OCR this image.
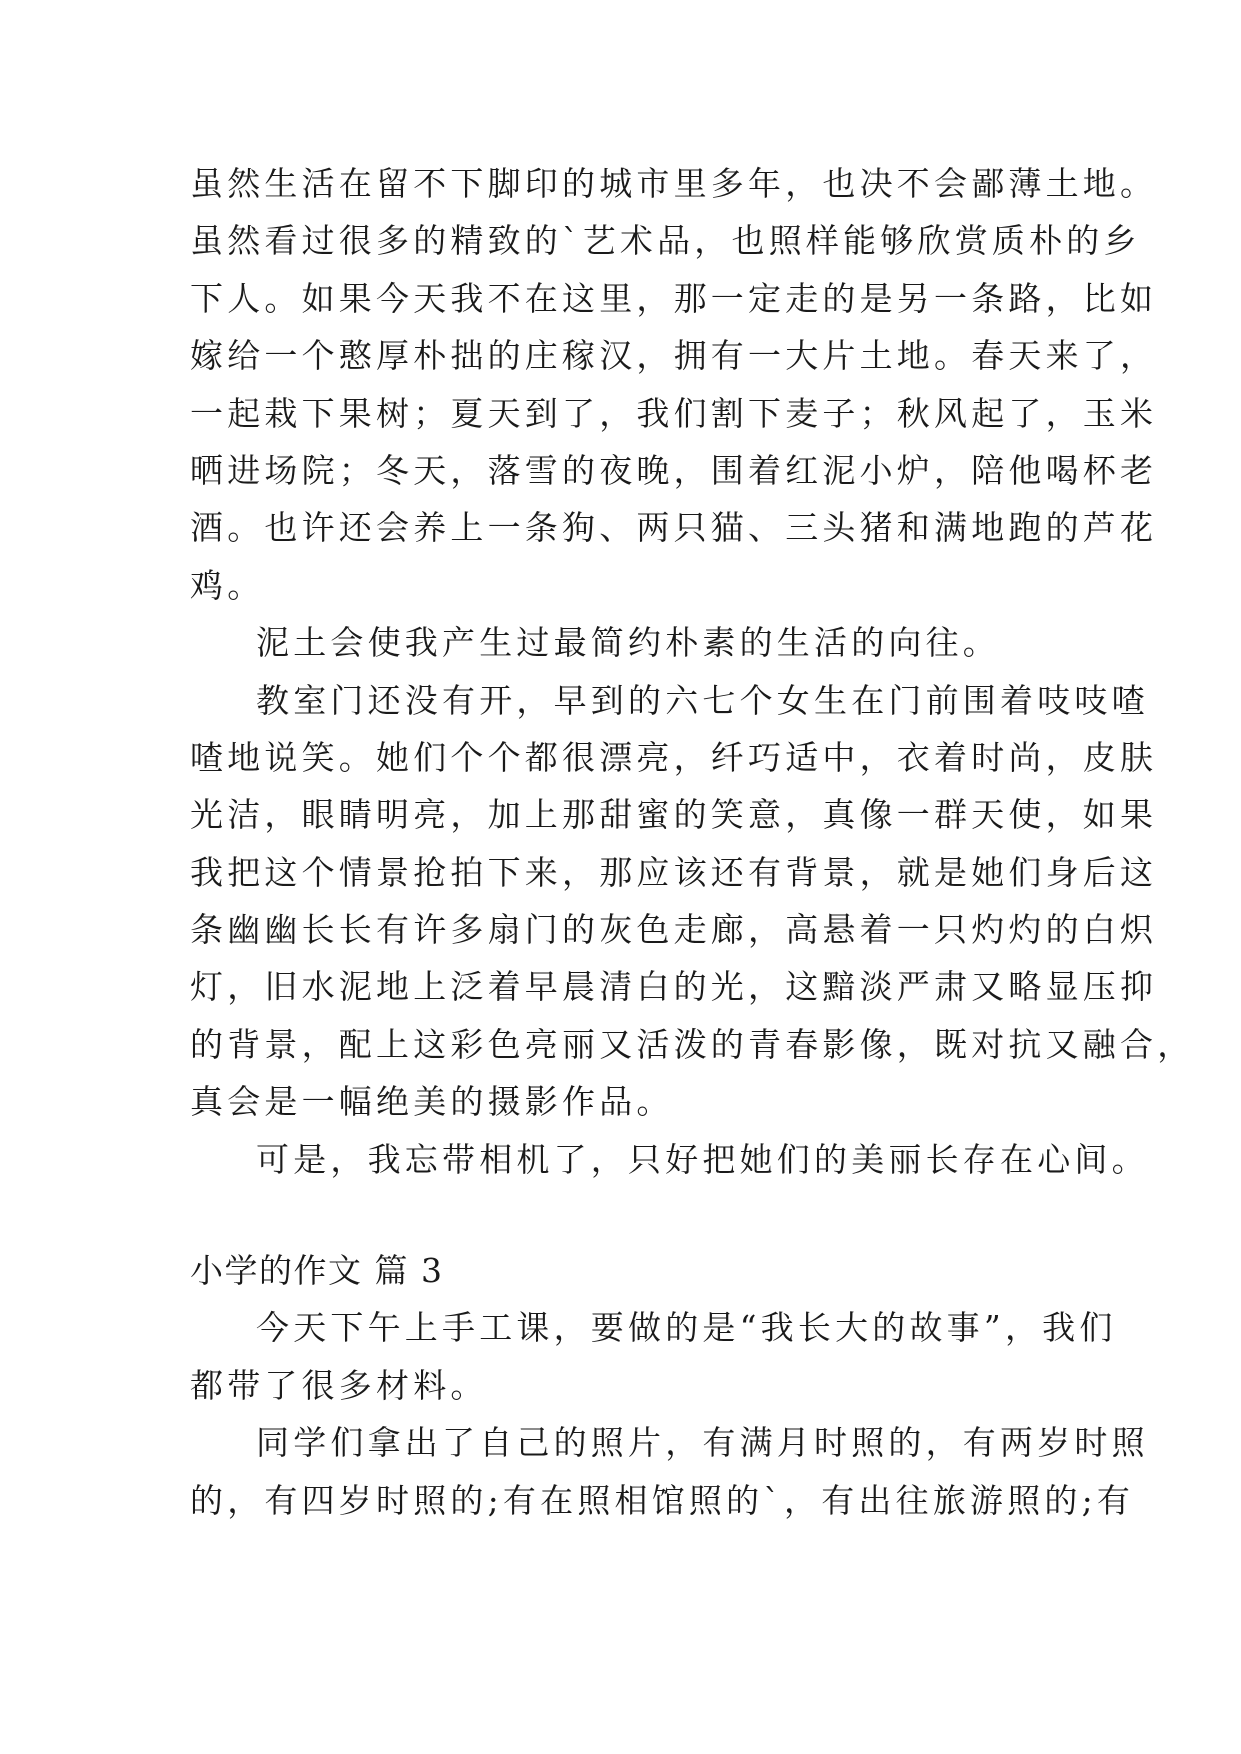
虽然生活在留不下脚印的城市里多年，也决不会鄙薄土地。
虽然看过很多的精致的`艺术品，也照样能够欣赏质朴的乡
下人。如果今天我不在这里，那一定走的是另一条路，比如
嫁给一个憨厚朴拙的庄稼汉，拥有一大片土地。春天来了，
一起栽下果树；夏天到了，我们割下麦子；秋风起了，玉米
晒进场院；冬天，落雪的夜晚，围着红泥小炉，陪他喝杯老
酒。也许还会养上一条狗、两只猫、三头猪和满地跑的芦花
鸡。
泥土会使我产生过最简约朴素的生活的向往。
教室门还没有开，早到的六七个女生在门前围着吱吱喳
喳地说笑。她们个个都很漂亮，纤巧适中，衣着时尚，皮肤
光洁，眼睛明亮，加上那甜蜜的笑意，真像一群天使，如果
我把这个情景抢拍下来，那应该还有背景，就是她们身后这
条幽幽长长有许多扇门的灰色走廊，高悬着一只灼灼的白炽
灯，旧水泥地上泛着早晨清白的光，这黯淡严肃又略显压抑
的背景，配上这彩色亮丽又活泼的青春影像，既对抗又融合，
真会是一幅绝美的摄影作品。
可是，我忘带相机了，只好把她们的美丽长存在心间。
小学的作文 篇 3
今天下午上手工课，要做的是“我长大的故事”，我们
都带了很多材料。
同学们拿出了自己的照片，有满月时照的，有两岁时照
的，有四岁时照的;有在照相馆照的`，有出往旅游照的;有
